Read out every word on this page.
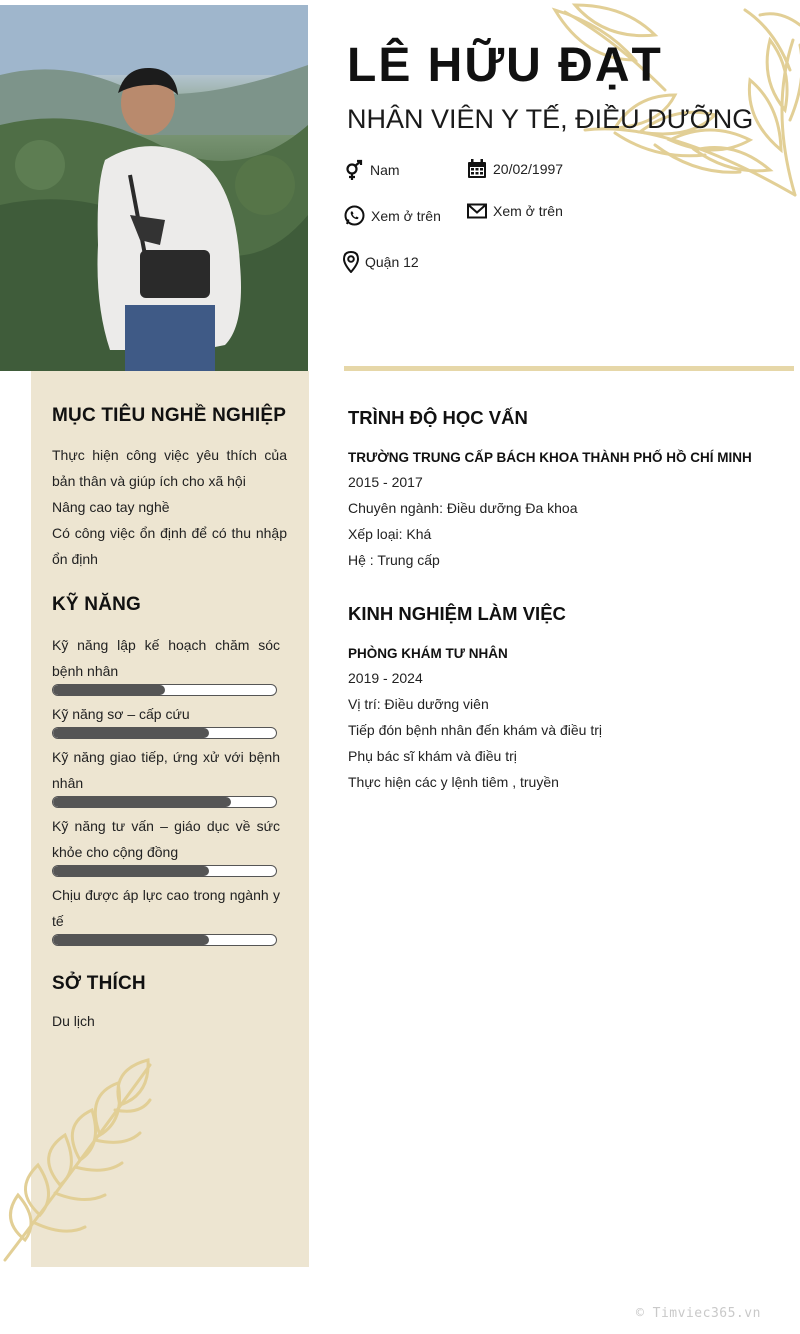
LÊ HỮU ĐẠT
NHÂN VIÊN Y TẾ, ĐIỀU DƯỠNG
Nam	20/02/1997
Xem ở trên	Xem ở trên
Quận 12
MỤC TIÊU NGHỀ NGHIỆP
Thực hiện công việc yêu thích của bản thân và giúp ích cho xã hội
Nâng cao tay nghề
Có công việc ổn định để có thu nhập ổn định
KỸ NĂNG
Kỹ năng lập kế hoạch chăm sóc bệnh nhân
Kỹ năng sơ – cấp cứu
Kỹ năng giao tiếp, ứng xử với bệnh nhân
Kỹ năng tư vấn – giáo dục về sức khỏe cho cộng đồng
Chịu được áp lực cao trong ngành y tế
SỞ THÍCH
Du lịch
TRÌNH ĐỘ HỌC VẤN
TRƯỜNG TRUNG CẤP BÁCH KHOA THÀNH PHỐ HỒ CHÍ MINH
2015 - 2017
Chuyên ngành: Điều dưỡng Đa khoa
Xếp loại: Khá
Hệ : Trung cấp
KINH NGHIỆM LÀM VIỆC
PHÒNG KHÁM TƯ NHÂN
2019 - 2024
Vị trí: Điều dưỡng viên
Tiếp đón bệnh nhân đến khám và điều trị
Phụ bác sĩ khám và điều trị
Thực hiện các y lệnh tiêm , truyền
© Timviec365.vn
